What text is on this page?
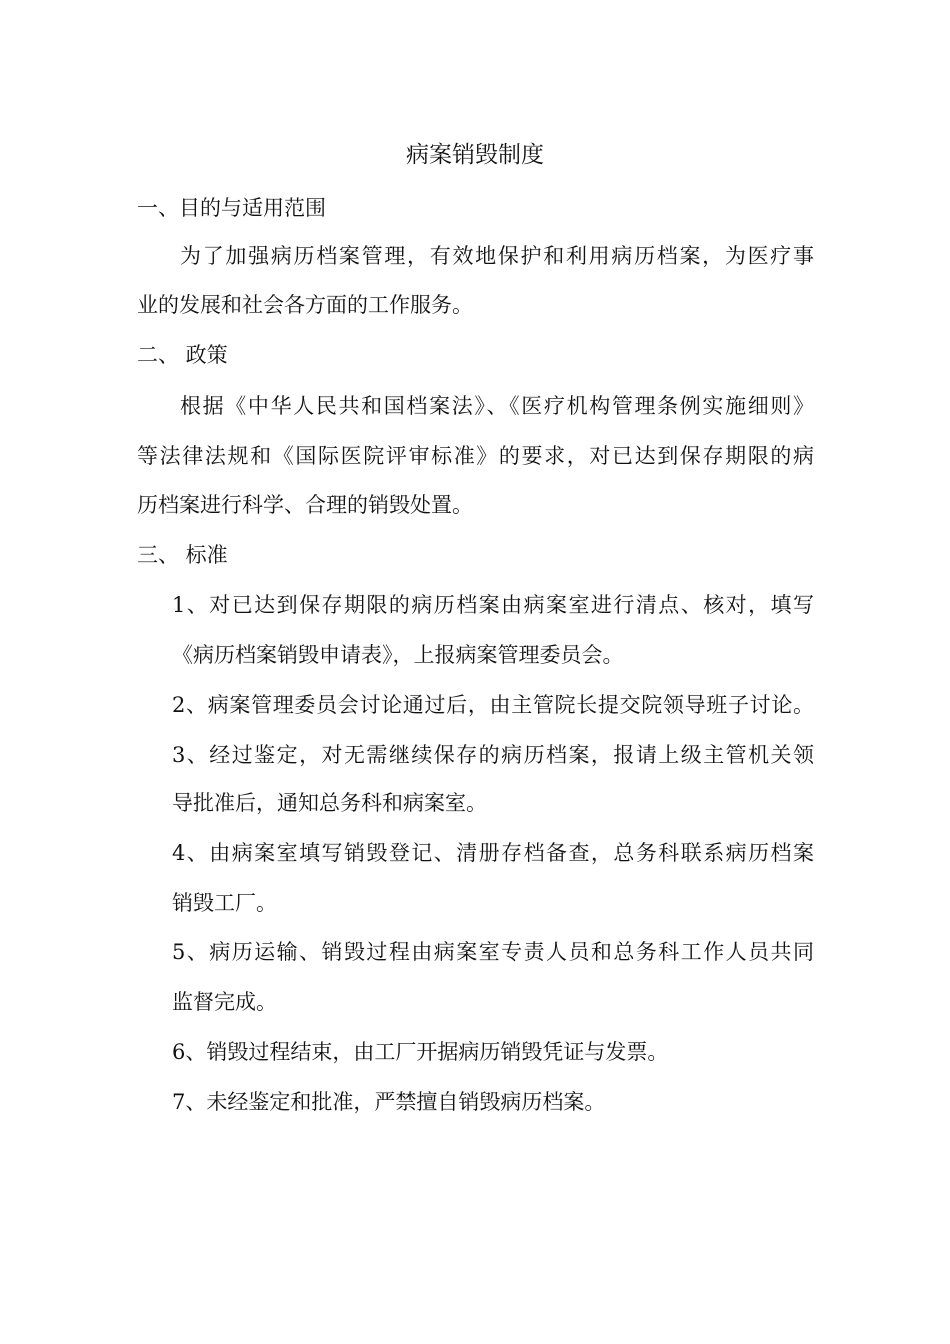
病案销毁制度
一、目的与适用范围
为了加强病历档案管理，有效地保护和利用病历档案，为医疗事
业的发展和社会各方面的工作服务。
二、 政策
根据《中华人民共和国档案法》、《医疗机构管理条例实施细则》
等法律法规和《国际医院评审标准》的要求，对已达到保存期限的病
历档案进行科学、合理的销毁处置。
三、 标准
1、对已达到保存期限的病历档案由病案室进行清点、核对，填写
《病历档案销毁申请表》，上报病案管理委员会。
2、病案管理委员会讨论通过后，由主管院长提交院领导班子讨论。
3、经过鉴定，对无需继续保存的病历档案，报请上级主管机关领
导批准后，通知总务科和病案室。
4、由病案室填写销毁登记、清册存档备查，总务科联系病历档案
销毁工厂。
5、病历运输、销毁过程由病案室专责人员和总务科工作人员共同
监督完成。
6、销毁过程结束，由工厂开据病历销毁凭证与发票。
7、未经鉴定和批准，严禁擅自销毁病历档案。
